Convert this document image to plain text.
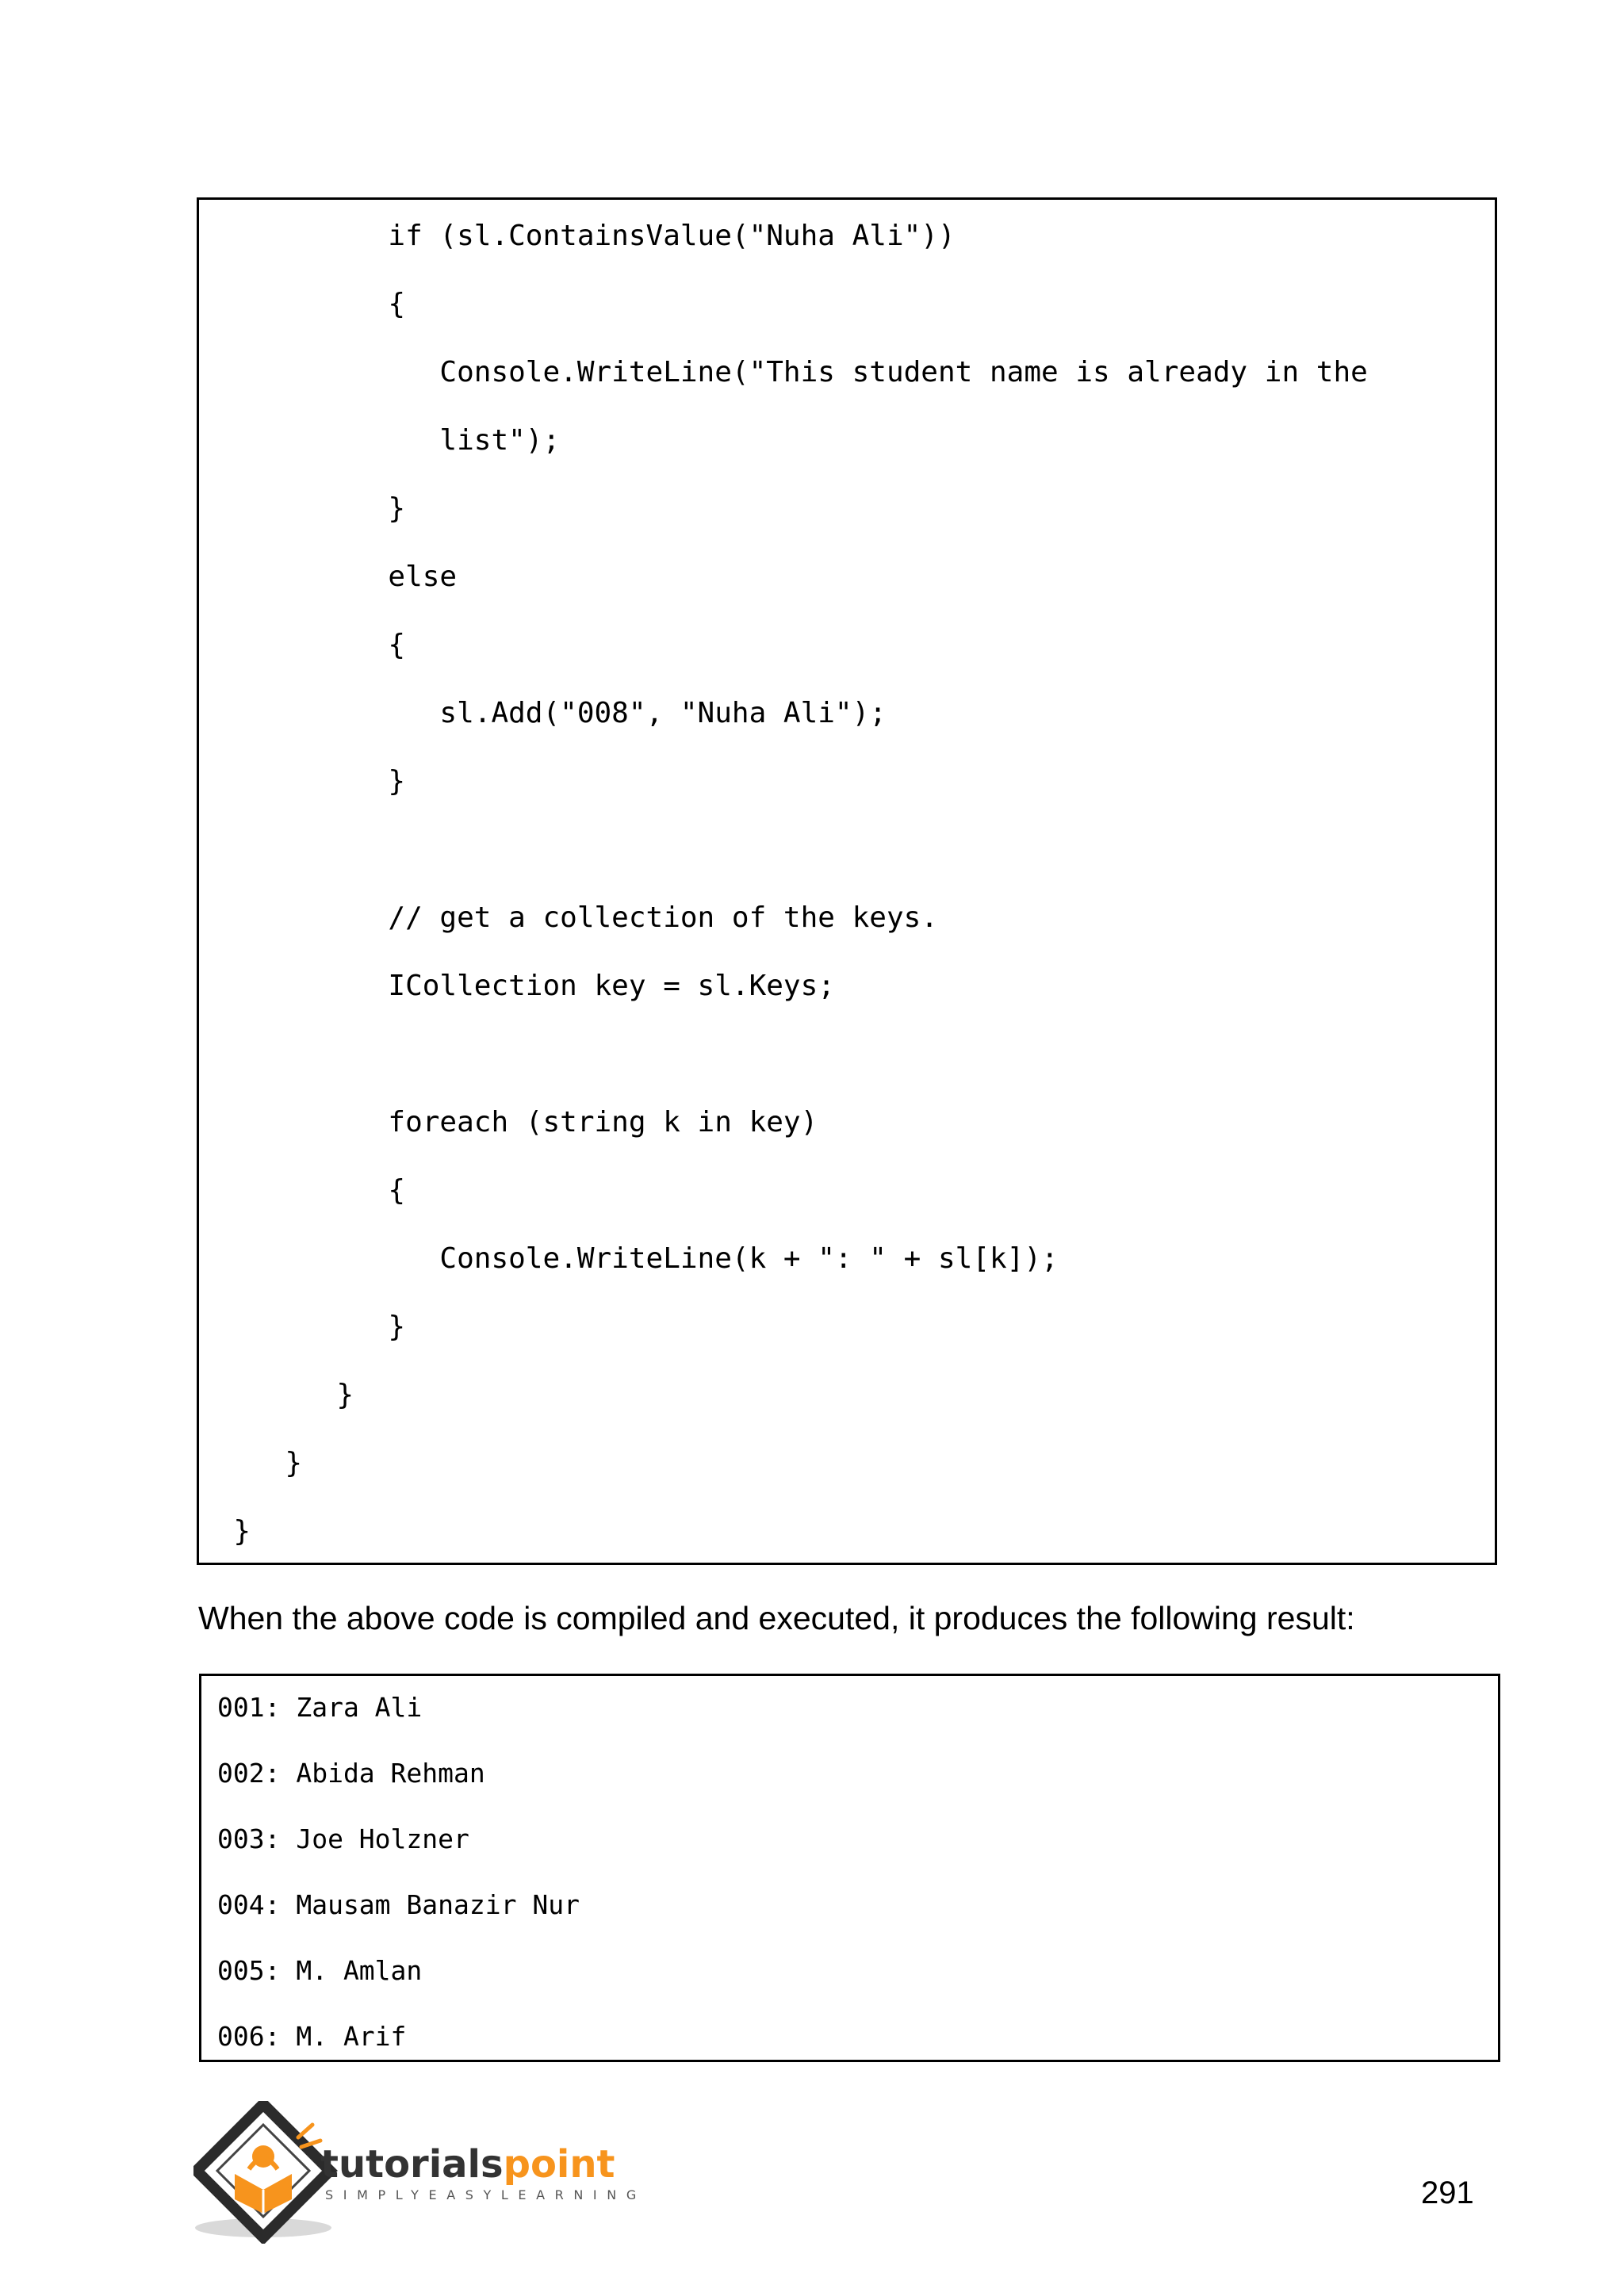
if (sl.ContainsValue("Nuha Ali"))

{

Console.WriteLine("This student name is already in the

list");

}

else

{

sl.Add("008", "Nuha Ali");

}

// get a collection of the keys.

ICollection key = sl.Keys;

foreach (string k in key)

{

Console.WriteLine(k + ": " + sl[k]);

}

}

}

}

When the above code is compiled and executed, it produces the following result:

001: Zara Ali

002: Abida Rehman

003: Joe Holzner

004: Mausam Banazir Nur

005: M. Amlan

006: M. Arif

tutorialspoint
SIMPLYEASYLEARNING	291
